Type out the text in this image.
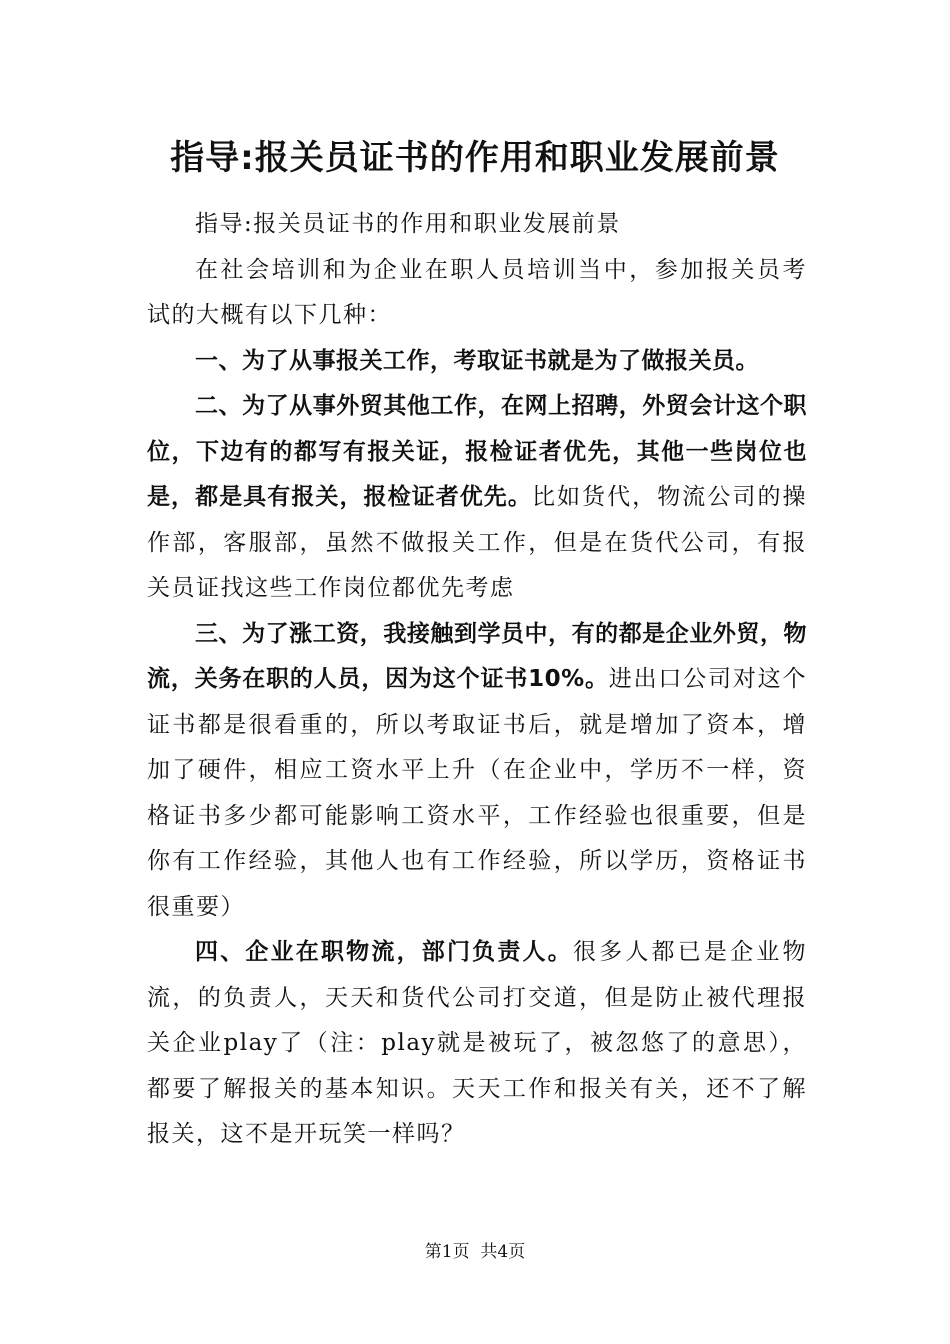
指导:报关员证书的作用和职业发展前景

指导:报关员证书的作用和职业发展前景

在社会培训和为企业在职人员培训当中，参加报关员考试的大概有以下几种：

一、为了从事报关工作，考取证书就是为了做报关员。

二、为了从事外贸其他工作，在网上招聘，外贸会计这个职位，下边有的都写有报关证，报检证者优先，其他一些岗位也是，都是具有报关，报检证者优先。比如货代，物流公司的操作部，客服部，虽然不做报关工作，但是在货代公司，有报关员证找这些工作岗位都优先考虑

三、为了涨工资，我接触到学员中，有的都是企业外贸，物流，关务在职的人员，因为这个证书10%。进出口公司对这个证书都是很看重的，所以考取证书后，就是增加了资本，增加了硬件，相应工资水平上升（在企业中，学历不一样，资格证书多少都可能影响工资水平，工作经验也很重要，但是你有工作经验，其他人也有工作经验，所以学历，资格证书很重要）

四、企业在职物流，部门负责人。很多人都已是企业物流，的负责人，天天和货代公司打交道，但是防止被代理报关企业play了（注：play就是被玩了，被忽悠了的意思），都要了解报关的基本知识。天天工作和报关有关，还不了解报关，这不是开玩笑一样吗？

第1页 共4页
